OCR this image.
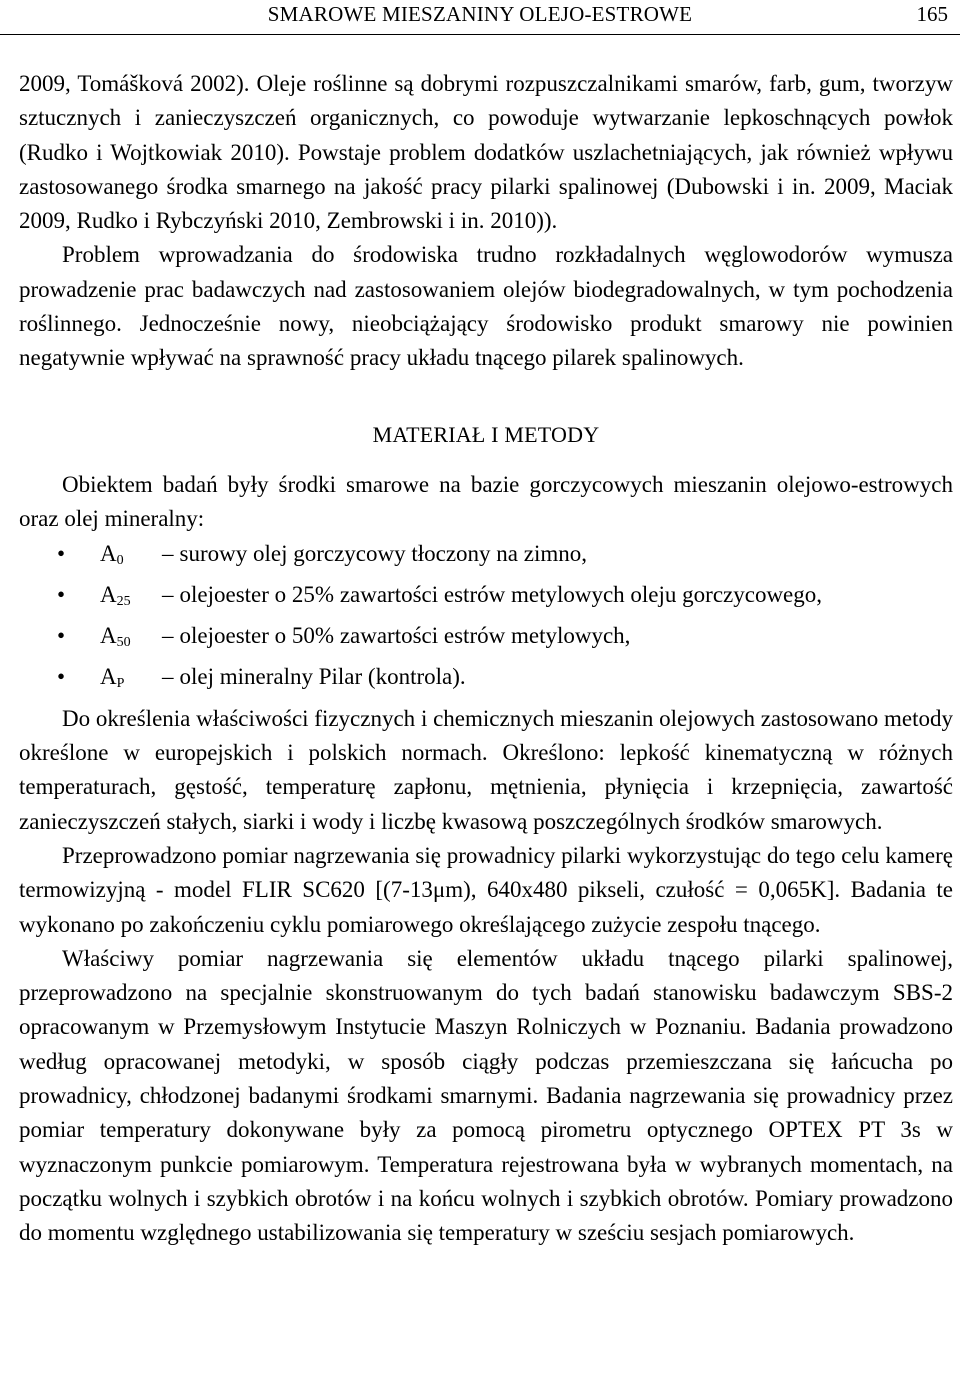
SMAROWE MIESZANINY OLEJO-ESTROWE	165

2009, Tomášková 2002). Oleje roślinne są dobrymi rozpuszczalnikami smarów, farb, gum, tworzyw sztucznych i zanieczyszczeń organicznych, co powoduje wytwarzanie lepkoschnących powłok (Rudko i Wojtkowiak 2010). Powstaje problem dodatków uszlachetniających, jak również wpływu zastosowanego środka smarnego na jakość pracy pilarki spalinowej (Dubowski i in. 2009, Maciak 2009, Rudko i Rybczyński 2010, Zembrowski i in. 2010)).

Problem wprowadzania do środowiska trudno rozkładalnych węglowodorów wymusza prowadzenie prac badawczych nad zastosowaniem olejów biodegradowalnych, w tym pochodzenia roślinnego. Jednocześnie nowy, nieobciążający środowisko produkt smarowy nie powinien negatywnie wpływać na sprawność pracy układu tnącego pilarek spalinowych.

MATERIAŁ I METODY

Obiektem badań były środki smarowe na bazie gorczycowych mieszanin olejowo-estrowych oraz olej mineralny:

• $A_0$ – surowy olej gorczycowy tłoczony na zimno,
• $A_{25}$ – olejoester o 25% zawartości estrów metylowych oleju gorczycowego,
• $A_{50}$ – olejoester o 50% zawartości estrów metylowych,
• $A_P$ – olej mineralny Pilar (kontrola).

Do określenia właściwości fizycznych i chemicznych mieszanin olejowych zastosowano metody określone w europejskich i polskich normach. Określono: lepkość kinematyczną w różnych temperaturach, gęstość, temperaturę zapłonu, mętnienia, płynięcia i krzepnięcia, zawartość zanieczyszczeń stałych, siarki i wody i liczbę kwasową poszczególnych środków smarowych.

Przeprowadzono pomiar nagrzewania się prowadnicy pilarki wykorzystując do tego celu kamerę termowizyjną - model FLIR SC620 [(7-13μm), 640x480 pikseli, czułość = 0,065K]. Badania te wykonano po zakończeniu cyklu pomiarowego określającego zużycie zespołu tnącego.

Właściwy pomiar nagrzewania się elementów układu tnącego pilarki spalinowej, przeprowadzono na specjalnie skonstruowanym do tych badań stanowisku badawczym SBS-2 opracowanym w Przemysłowym Instytucie Maszyn Rolniczych w Poznaniu. Badania prowadzono według opracowanej metodyki, w sposób ciągły podczas przemieszczana się łańcucha po prowadnicy, chłodzonej badanymi środkami smarnymi. Badania nagrzewania się prowadnicy przez pomiar temperatury dokonywane były za pomocą pirometru optycznego OPTEX PT 3s w wyznaczonym punkcie pomiarowym. Temperatura rejestrowana była w wybranych momentach, na początku wolnych i szybkich obrotów i na końcu wolnych i szybkich obrotów. Pomiary prowadzono do momentu względnego ustabilizowania się temperatury w sześciu sesjach pomiarowych.
